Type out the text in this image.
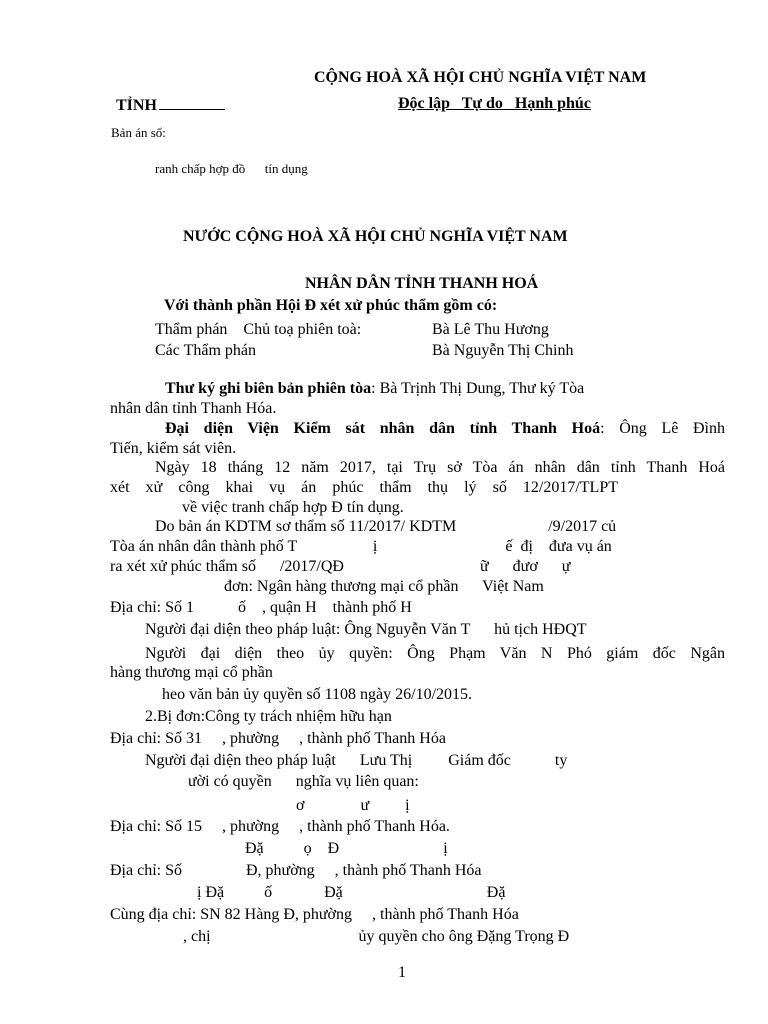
CỘNG HOÀ XÃ HỘI CHỦ NGHĨA VIỆT NAM
TỈNH	Độc lập   Tự do   Hạnh phúc
Bản án số:
ranh chấp hợp đồ      tín dụng
NƯỚC CỘNG HOÀ XÃ HỘI CHỦ NGHĨA VIỆT NAM
NHÂN DÂN TỈNH THANH HOÁ
Với thành phần Hội Đ xét xử phúc thẩm gồm có:
Thẩm phán    Chủ toạ phiên toà:	Bà Lê Thu Hương
Các Thẩm phán	Bà Nguyễn Thị Chinh
Thư ký ghi biên bản phiên tòa: Bà Trịnh Thị Dung, Thư ký Tòa
nhân dân tỉnh Thanh Hóa.
Đại diện Viện Kiểm sát nhân dân tỉnh Thanh Hoá: Ông Lê Đình
Tiến, kiểm sát viên.
Ngày 18 tháng 12 năm 2017, tại Trụ sở Tòa án nhân dân tỉnh Thanh Hoá
xét xử công khai vụ án phúc thẩm thụ lý số 12/2017/TLPT
về việc tranh chấp hợp Đ tín dụng.
Do bản án KDTM sơ thẩm số 11/2017/ KDTM                       /9/2017 củ
Tòa án nhân dân thành phố T                   ị                                ế  đị    đưa vụ án
ra xét xử phúc thẩm số      /2017/QĐ                                  ữ      đươ      ự
đơn: Ngân hàng thương mại cổ phần      Việt Nam
Địa chỉ: Số 1           ố    , quận H    thành phố H
Người đại diện theo pháp luật: Ông Nguyễn Văn T      hủ tịch HĐQT
Người đại diện theo ủy quyền: Ông Phạm Văn N Phó giám đốc Ngân
hàng thương mại cổ phần
heo văn bản ủy quyền số 1108 ngày 26/10/2015.
2.Bị đơn:Công ty trách nhiệm hữu hạn
Địa chỉ: Số 31     , phường     , thành phố Thanh Hóa
Người đại diện theo pháp luật      Lưu Thị         Giám đốc           ty
ười có quyền      nghĩa vụ liên quan:
ơ              ư         ị
Địa chỉ: Số 15     , phường     , thành phố Thanh Hóa.
Đặ          ọ    Đ                          ị
Địa chỉ: Số                Đ, phường     , thành phố Thanh Hóa
ị Đặ          ố             Đặ                                    Đặ
Cùng địa chỉ: SN 82 Hàng Đ, phường     , thành phố Thanh Hóa
, chị                                     ủy quyền cho ông Đặng Trọng Đ
1
